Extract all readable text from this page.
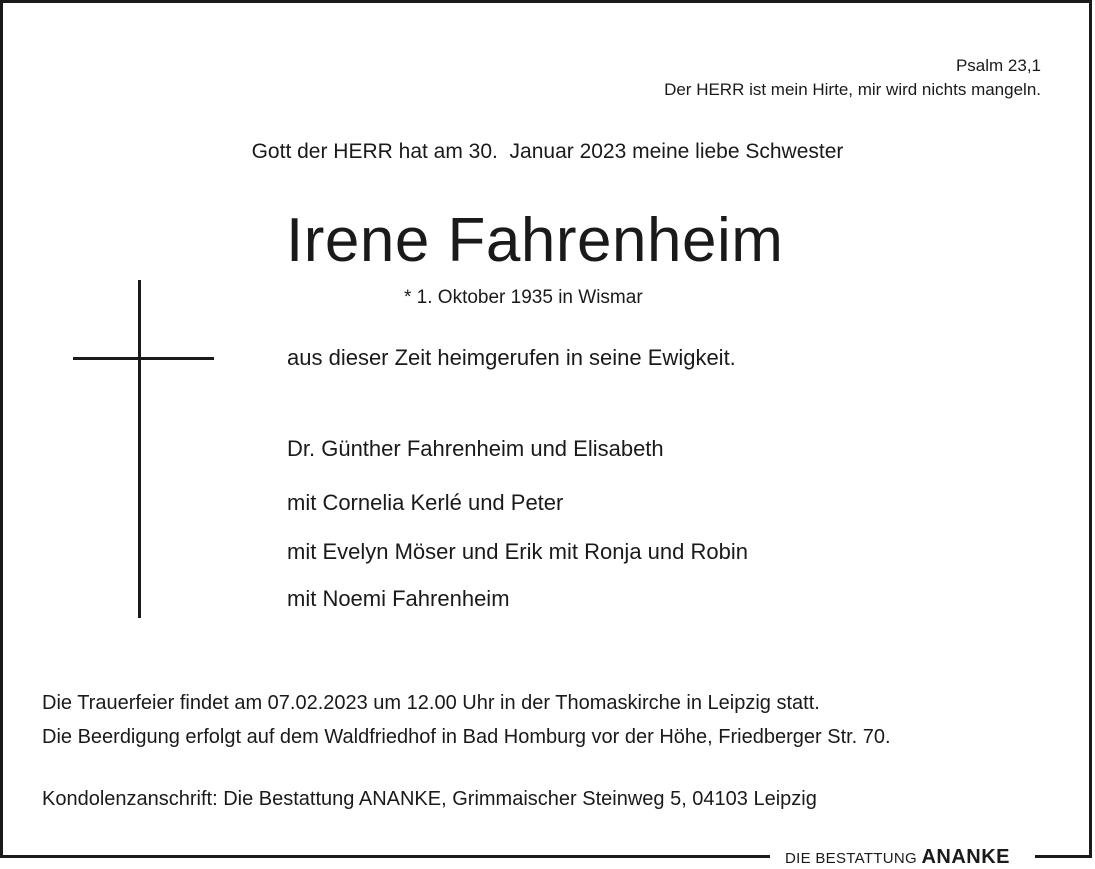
Psalm 23,1
Der HERR ist mein Hirte, mir wird nichts mangeln.
Gott der HERR hat am 30.  Januar 2023 meine liebe Schwester
Irene Fahrenheim
* 1. Oktober 1935 in Wismar
aus dieser Zeit heimgerufen in seine Ewigkeit.
Dr. Günther Fahrenheim und Elisabeth
mit Cornelia Kerlé und Peter
mit Evelyn Möser und Erik mit Ronja und Robin
mit Noemi Fahrenheim
Die Trauerfeier findet am 07.02.2023 um 12.00 Uhr in der Thomaskirche in Leipzig statt.
Die Beerdigung erfolgt auf dem Waldfriedhof in Bad Homburg vor der Höhe, Friedberger Str. 70.
Kondolenzanschrift: Die Bestattung ANANKE, Grimmaischer Steinweg 5, 04103 Leipzig
DIE BESTATTUNG ANANKE
